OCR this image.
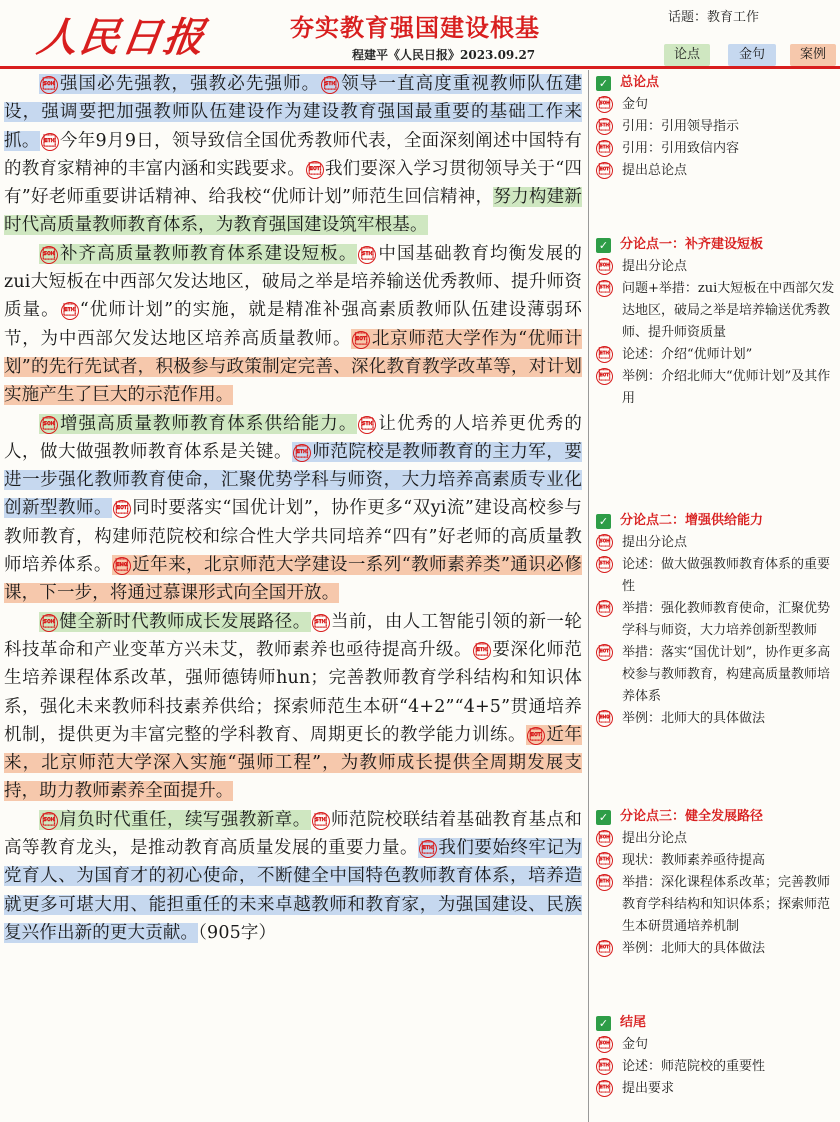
人民日报	夯实教育强国建设根基
程建平《人民日报》2023.09.27
话题：教育工作
论点	金句	案例

 强国必先强教，强教必先强师。  领导一直高度重视教师队伍建设，强调要把加强教师队伍建设作为建设教育强国最重要的基础工作来抓。  今年9月9日，领导致信全国优秀教师代表，全面深刻阐述中国特有的教育家精神的丰富内涵和实践要求。  我们要深入学习贯彻领导关于“四有”好老师重要讲话精神、给我校“优师计划”师范生回信精神，努力构建新时代高质量教师教育体系，为教育强国建设筑牢根基。

 补齐高质量教师教育体系建设短板。  中国基础教育均衡发展的zui大短板在中西部欠发达地区，破局之举是培养输送优秀教师、提升师资质量。  “优师计划”的实施，就是精准补强高素质教师队伍建设薄弱环节，为中西部欠发达地区培养高质量教师。  北京师范大学作为“优师计划”的先行先试者，积极参与政策制定完善、深化教育教学改革等，对计划实施产生了巨大的示范作用。

 增强高质量教师教育体系供给能力。  让优秀的人培养更优秀的人，做大做强教师教育体系是关键。  师范院校是教师教育的主力军，要进一步强化教师教育使命，汇聚优势学科与师资，大力培养高素质专业化创新型教师。  同时要落实“国优计划”，协作更多“双yi流”建设高校参与教师教育，构建师范院校和综合性大学共同培养“四有”好老师的高质量教师培养体系。  近年来，北京师范大学建设一系列“教师素养类”通识必修课，下一步，将通过慕课形式向全国开放。

 健全新时代教师成长发展路径。  当前，由人工智能引领的新一轮科技革命和产业变革方兴未艾，教师素养也亟待提高升级。  要深化师范生培养课程体系改革，强师德铸师hun；完善教师教育学科结构和知识体系，强化未来教师科技素养供给；探索师范生本研“4+2”“4+5”贯通培养机制，提供更为丰富完整的学科教育、周期更长的教学能力训练。  近年来，北京师范大学深入实施“强师工程”，为教师成长提供全周期发展支持，助力教师素养全面提升。

 肩负时代重任，续写强教新章。  师范院校联结着基础教育基点和高等教育龙头，是推动教育高质量发展的重要力量。  我们要始终牢记为党育人、为国育才的初心使命，不断健全中国特色教师教育体系，培养造就更多可堪大用、能担重任的未来卓越教师和教育家，为强国建设、民族复兴作出新的更大贡献。（905字）

✓ 总论点
 金句
 引用：引用领导指示
 引用：引用致信内容
 提出总论点
✓ 分论点一：补齐建设短板
 提出分论点
 问题+举措：zui大短板在中西部欠发达地区，破局之举是培养输送优秀教师、提升师资质量
 论述：介绍“优师计划”
 举例：介绍北师大“优师计划”及其作用
✓ 分论点二：增强供给能力
 提出分论点
 论述：做大做强教师教育体系的重要性
 举措：强化教师教育使命，汇聚优势学科与师资，大力培养创新型教师
 举措：落实“国优计划”，协作更多高校参与教师教育，构建高质量教师培养体系
 举例：北师大的具体做法
✓ 分论点三：健全发展路径
 提出分论点
 现状：教师素养亟待提高
 举措：深化课程体系改革；完善教师教育学科结构和知识体系；探索师范生本研贯通培养机制
 举例：北师大的具体做法
✓ 结尾
 金句
 论述：师范院校的重要性
 提出要求
